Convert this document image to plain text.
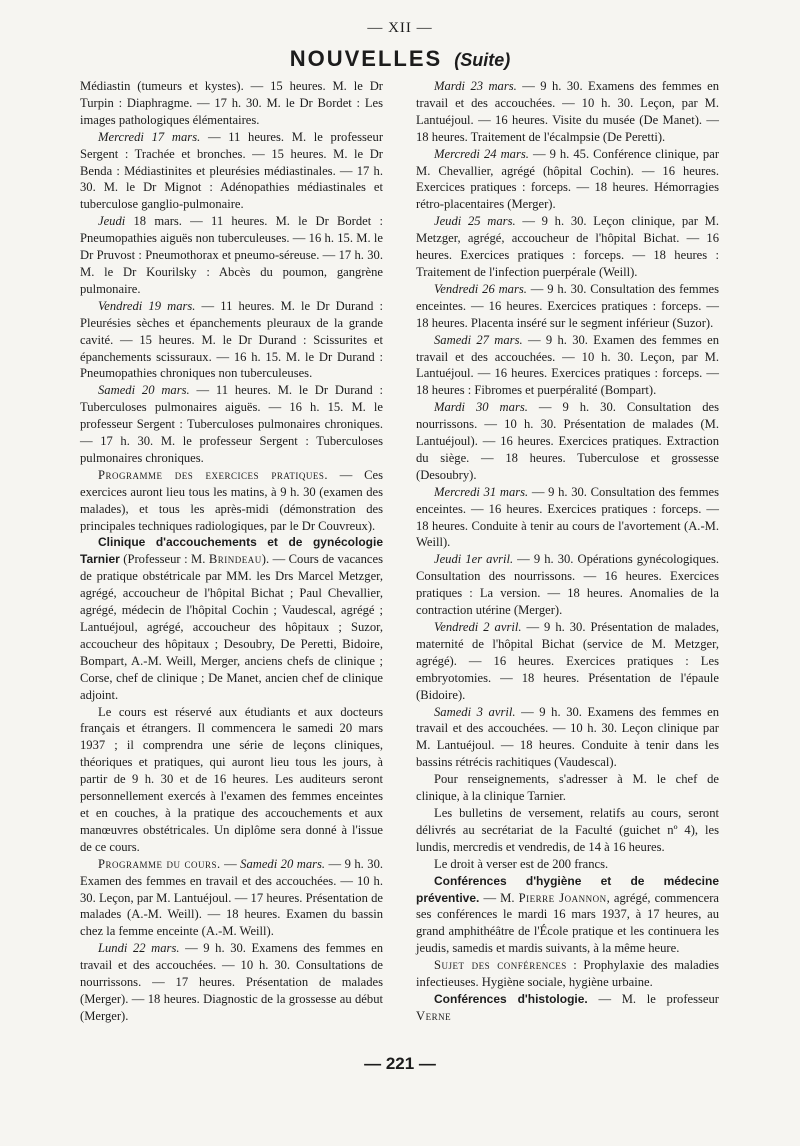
— XII —
NOUVELLES (Suite)

Médiastin (tumeurs et kystes). — 15 heures. M. le Dr Turpin : Diaphragme. — 17 h. 30. M. le Dr Bordet : Les images pathologiques élémentaires.

Mercredi 17 mars. — 11 heures. M. le professeur Sergent : Trachée et bronches. — 15 heures. M. le Dr Benda : Médiastinites et pleurésies médiastinales. — 17 h. 30. M. le Dr Mignot : Adénopathies médiastinales et tuberculose ganglio-pulmonaire.

Jeudi 18 mars. — 11 heures. M. le Dr Bordet : Pneumopathies aiguës non tuberculeuses. — 16 h. 15. M. le Dr Pruvost : Pneumothorax et pneumo-séreuse. — 17 h. 30. M. le Dr Kourilsky : Abcès du poumon, gangrène pulmonaire.

Vendredi 19 mars. — 11 heures. M. le Dr Durand : Pleurésies sèches et épanchements pleuraux de la grande cavité. — 15 heures. M. le Dr Durand : Scissurites et épanchements scissuraux. — 16 h. 15. M. le Dr Durand : Pneumopathies chroniques non tuberculeuses.

Samedi 20 mars. — 11 heures. M. le Dr Durand : Tuberculoses pulmonaires aiguës. — 16 h. 15. M. le professeur Sergent : Tuberculoses pulmonaires chroniques. — 17 h. 30. M. le professeur Sergent : Tuberculoses pulmonaires chroniques.

Programme des exercices pratiques. — Ces exercices auront lieu tous les matins, à 9 h. 30 (examen des malades), et tous les après-midi (démonstration des principales techniques radiologiques, par le Dr Couvreux).

Clinique d'accouchements et de gynécologie Tarnier (Professeur : M. Brindeau). — Cours de vacances de pratique obstétricale par MM. les Drs Marcel Metzger, agrégé, accoucheur de l'hôpital Bichat ; Paul Chevallier, agrégé, médecin de l'hôpital Cochin ; Vaudescal, agrégé ; Lantuéjoul, agrégé, accoucheur des hôpitaux ; Suzor, accoucheur des hôpitaux ; Desoubry, De Peretti, Bidoire, Bompart, A.-M. Weill, Merger, anciens chefs de clinique ; Corse, chef de clinique ; De Manet, ancien chef de clinique adjoint.

Le cours est réservé aux étudiants et aux docteurs français et étrangers. Il commencera le samedi 20 mars 1937 ; il comprendra une série de leçons cliniques, théoriques et pratiques, qui auront lieu tous les jours, à partir de 9 h. 30 et de 16 heures. Les auditeurs seront personnellement exercés à l'examen des femmes enceintes et en couches, à la pratique des accouchements et aux manœuvres obstétricales. Un diplôme sera donné à l'issue de ce cours.

Programme du cours. — Samedi 20 mars. — 9 h. 30. Examen des femmes en travail et des accouchées. — 10 h. 30. Leçon, par M. Lantuéjoul. — 17 heures. Présentation de malades (A.-M. Weill). — 18 heures. Examen du bassin chez la femme enceinte (A.-M. Weill).

Lundi 22 mars. — 9 h. 30. Examens des femmes en travail et des accouchées. — 10 h. 30. Consultations de nourrissons. — 17 heures. Présentation de malades (Merger). — 18 heures. Diagnostic de la grossesse au début (Merger).

Mardi 23 mars. — 9 h. 30. Examens des femmes en travail et des accouchées. — 10 h. 30. Leçon, par M. Lantuéjoul. — 16 heures. Visite du musée (De Manet). — 18 heures. Traitement de l'écalmpsie (De Peretti).

Mercredi 24 mars. — 9 h. 45. Conférence clinique, par M. Chevallier, agrégé (hôpital Cochin). — 16 heures. Exercices pratiques : forceps. — 18 heures. Hémorragies rétro-placentaires (Merger).

Jeudi 25 mars. — 9 h. 30. Leçon clinique, par M. Metzger, agrégé, accoucheur de l'hôpital Bichat. — 16 heures. Exercices pratiques : forceps. — 18 heures : Traitement de l'infection puerpérale (Weill).

Vendredi 26 mars. — 9 h. 30. Consultation des femmes enceintes. — 16 heures. Exercices pratiques : forceps. — 18 heures. Placenta inséré sur le segment inférieur (Suzor).

Samedi 27 mars. — 9 h. 30. Examen des femmes en travail et des accouchées. — 10 h. 30. Leçon, par M. Lantuéjoul. — 16 heures. Exercices pratiques : forceps. — 18 heures : Fibromes et puerpéralité (Bompart).

Mardi 30 mars. — 9 h. 30. Consultation des nourrissons. — 10 h. 30. Présentation de malades (M. Lantuéjoul). — 16 heures. Exercices pratiques. Extraction du siège. — 18 heures. Tuberculose et grossesse (Desoubry).

Mercredi 31 mars. — 9 h. 30. Consultation des femmes enceintes. — 16 heures. Exercices pratiques : forceps. — 18 heures. Conduite à tenir au cours de l'avortement (A.-M. Weill).

Jeudi 1er avril. — 9 h. 30. Opérations gynécologiques. Consultation des nourrissons. — 16 heures. Exercices pratiques : La version. — 18 heures. Anomalies de la contraction utérine (Merger).

Vendredi 2 avril. — 9 h. 30. Présentation de malades, maternité de l'hôpital Bichat (service de M. Metzger, agrégé). — 16 heures. Exercices pratiques : Les embryotomies. — 18 heures. Présentation de l'épaule (Bidoire).

Samedi 3 avril. — 9 h. 30. Examens des femmes en travail et des accouchées. — 10 h. 30. Leçon clinique par M. Lantuéjoul. — 18 heures. Conduite à tenir dans les bassins rétrécis rachitiques (Vaudescal).

Pour renseignements, s'adresser à M. le chef de clinique, à la clinique Tarnier.

Les bulletins de versement, relatifs au cours, seront délivrés au secrétariat de la Faculté (guichet nº 4), les lundis, mercredis et vendredis, de 14 à 16 heures.

Le droit à verser est de 200 francs.

Conférences d'hygiène et de médecine préventive. — M. Pierre Joannon, agrégé, commencera ses conférences le mardi 16 mars 1937, à 17 heures, au grand amphithéâtre de l'École pratique et les continuera les jeudis, samedis et mardis suivants, à la même heure.

Sujet des conférences : Prophylaxie des maladies infectieuses. Hygiène sociale, hygiène urbaine.

Conférences d'histologie. — M. le professeur Verne

— 221 —
